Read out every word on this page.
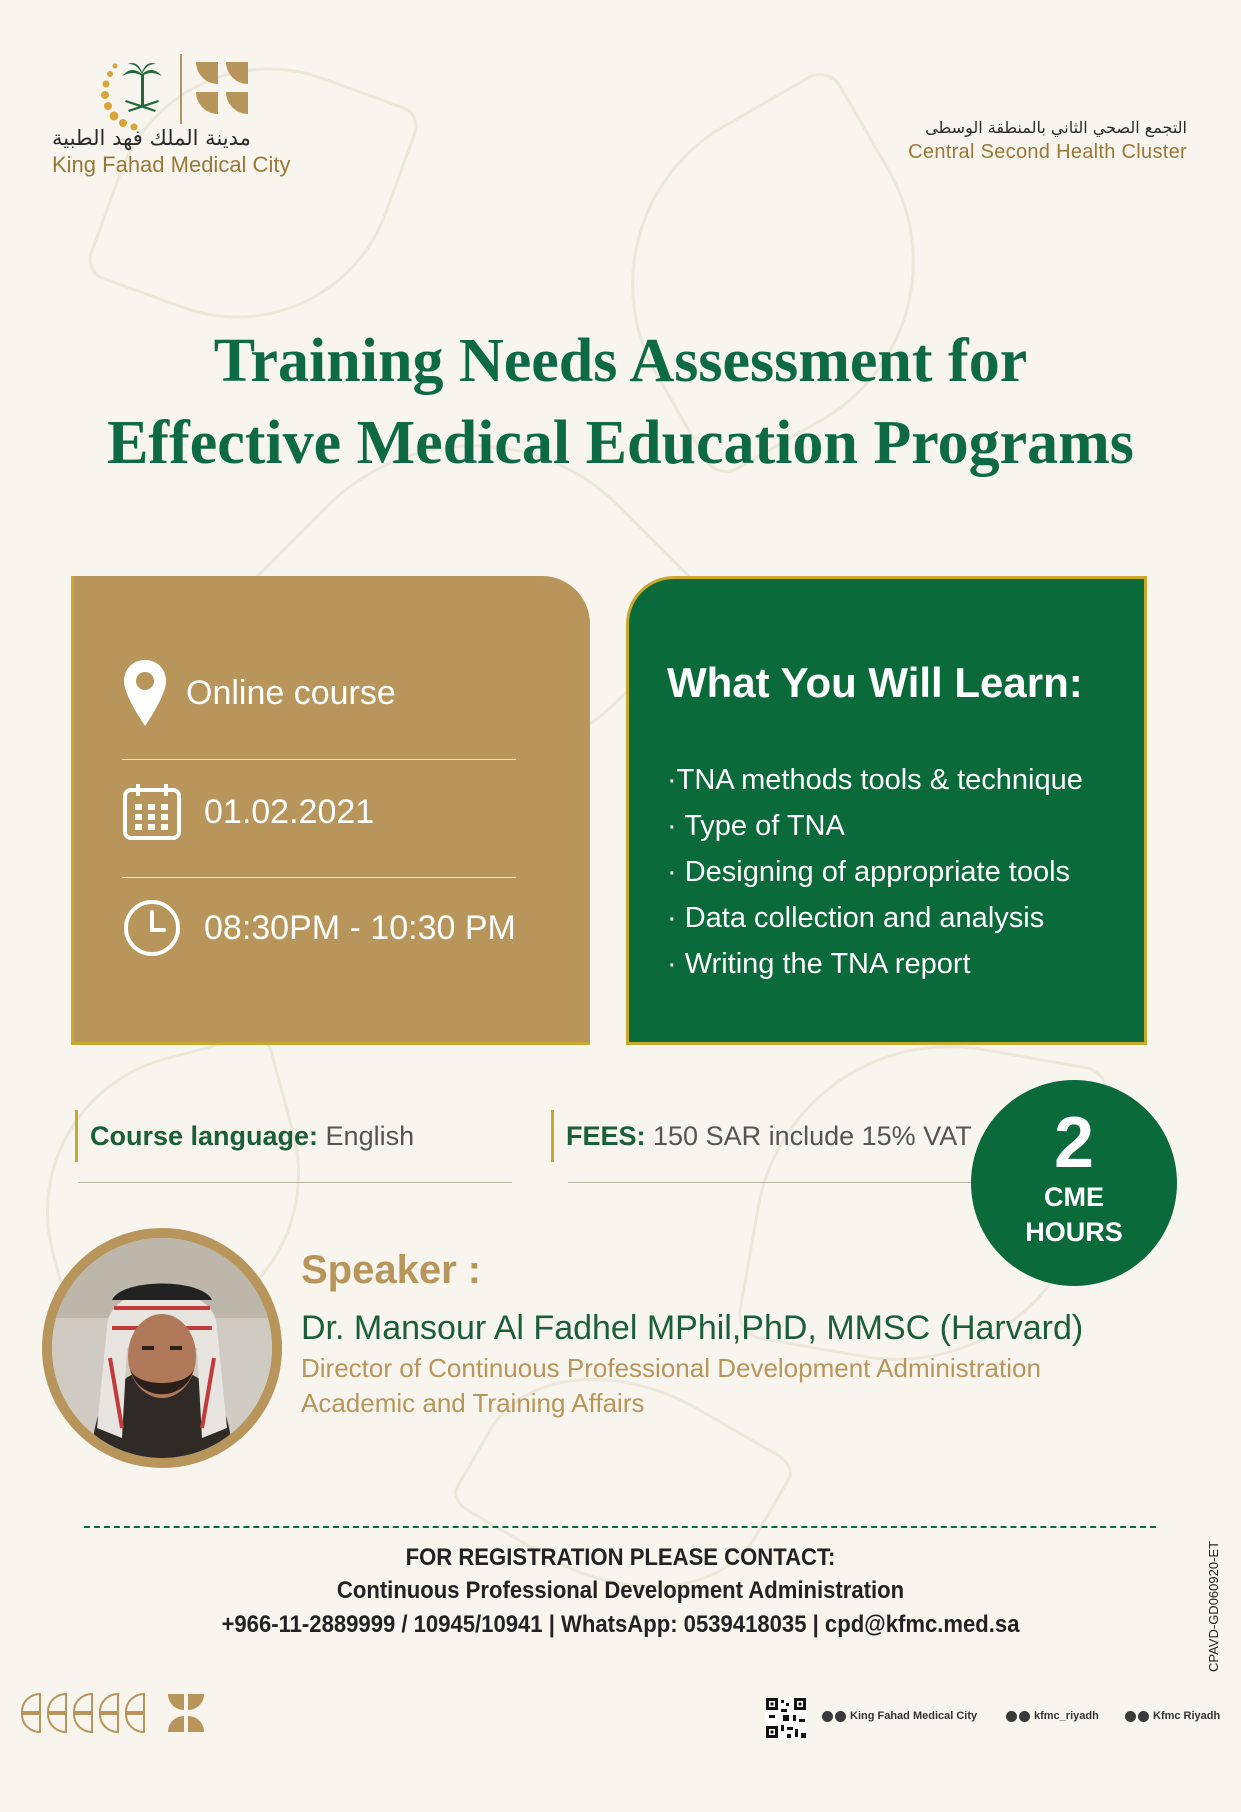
مدينة الملك فهد الطبية
King Fahad Medical City
التجمع الصحي الثاني بالمنطقة الوسطى
Central Second Health Cluster
Training Needs Assessment for
Effective Medical Education Programs
Online course
01.02.2021
08:30PM - 10:30 PM
What You Will Learn:
·TNA methods tools & technique
· Type of TNA
· Designing of appropriate tools
· Data collection and analysis
· Writing the TNA report
Course language: English	FEES: 150 SAR include 15% VAT	2
CME
HOURS
Speaker :
Dr. Mansour Al Fadhel MPhil,PhD, MMSC (Harvard)
Director of Continuous Professional Development Administration
Academic and Training Affairs
FOR REGISTRATION PLEASE CONTACT:
Continuous Professional Development Administration
+966-11-2889999 / 10945/10941 | WhatsApp: 0539418035 | cpd@kfmc.med.sa	CPAVD-GD060920-ET
King Fahad Medical City	kfmc_riyadh	Kfmc Riyadh
